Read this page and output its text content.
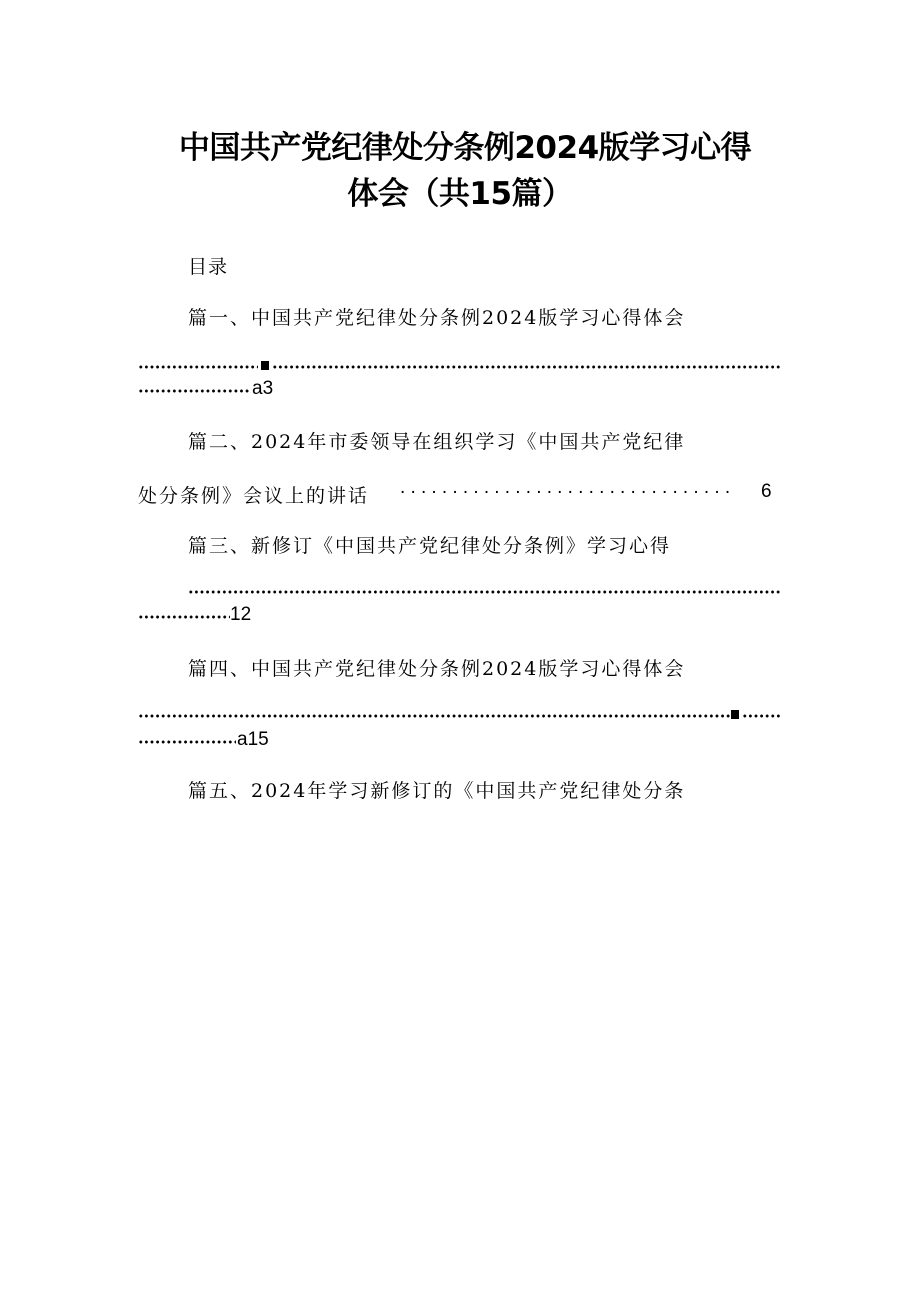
中国共产党纪律处分条例2024版学习心得
体会（共15篇）
目录
篇一、中国共产党纪律处分条例2024版学习心得体会
a3
篇二、2024年市委领导在组织学习《中国共产党纪律
处分条例》会议上的讲话 ................................ 6
篇三、新修订《中国共产党纪律处分条例》学习心得
12
篇四、中国共产党纪律处分条例2024版学习心得体会
a15
篇五、2024年学习新修订的《中国共产党纪律处分条
